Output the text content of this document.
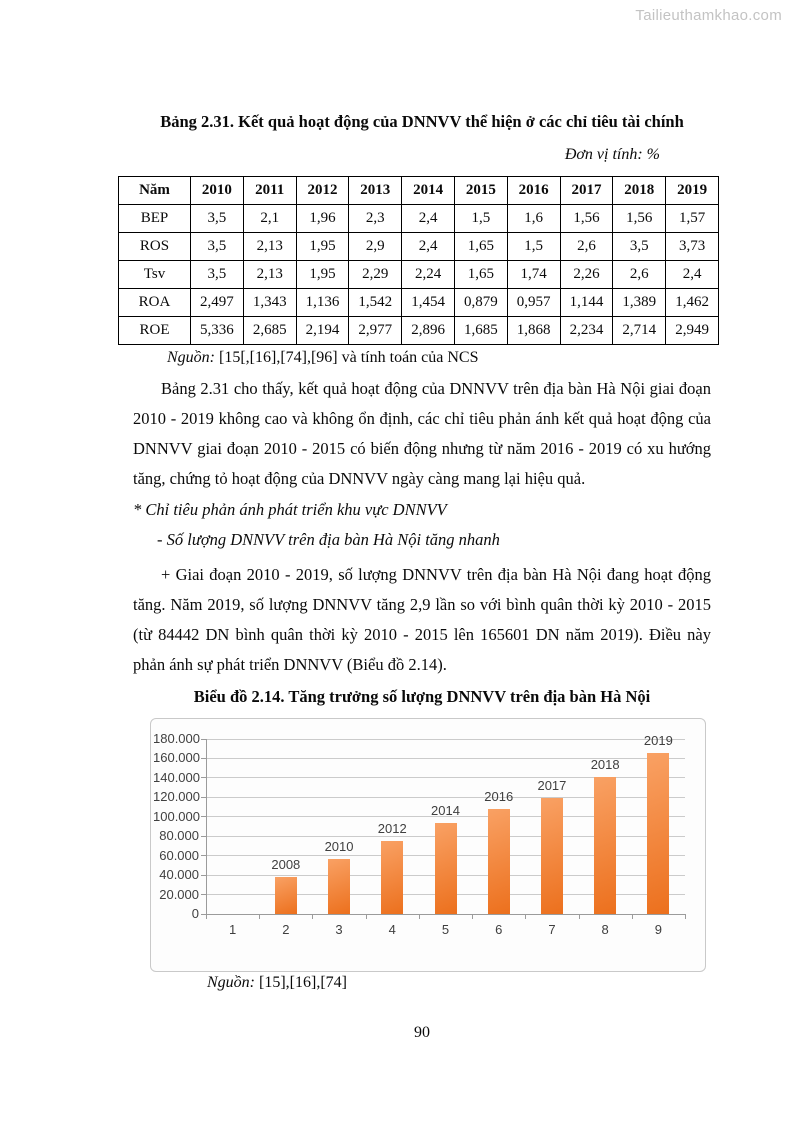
Tailieuthamkhao.com
Bảng 2.31. Kết quả hoạt động của DNNVV thể hiện ở các chỉ tiêu tài chính
Đơn vị tính: %
Năm	2010	2011	2012	2013	2014	2015	2016	2017	2018	2019
BEP	3,5	2,1	1,96	2,3	2,4	1,5	1,6	1,56	1,56	1,57
ROS	3,5	2,13	1,95	2,9	2,4	1,65	1,5	2,6	3,5	3,73
Tsv	3,5	2,13	1,95	2,29	2,24	1,65	1,74	2,26	2,6	2,4
ROA	2,497	1,343	1,136	1,542	1,454	0,879	0,957	1,144	1,389	1,462
ROE	5,336	2,685	2,194	2,977	2,896	1,685	1,868	2,234	2,714	2,949
Nguồn: [15[,[16],[74],[96] và tính toán của NCS
Bảng 2.31 cho thấy, kết quả hoạt động của DNNVV trên địa bàn Hà Nội giai đoạn 2010 - 2019 không cao và không ổn định, các chỉ tiêu phản ánh kết quả hoạt động của DNNVV giai đoạn 2010 - 2015 có biến động nhưng từ năm 2016 - 2019 có xu hướng tăng, chứng tỏ hoạt động của DNNVV ngày càng mang lại hiệu quả.
* Chỉ tiêu phản ánh phát triển khu vực DNNVV
- Số lượng DNNVV trên địa bàn Hà Nội tăng nhanh
+ Giai đoạn 2010 - 2019, số lượng DNNVV trên địa bàn Hà Nội đang hoạt động tăng. Năm 2019, số lượng DNNVV tăng 2,9 lần so với bình quân thời kỳ 2010 - 2015 (từ 84442 DN bình quân thời kỳ 2010 - 2015 lên 165601 DN năm 2019). Điều này phản ánh sự phát triển DNNVV (Biểu đồ 2.14).
Biểu đồ 2.14. Tăng trưởng số lượng DNNVV trên địa bàn Hà Nội
0
20.000
40.000
60.000
80.000
100.000
120.000
140.000
160.000
180.000
1	2	3	4	5	6	7	8	9
2008
2010
2012
2014
2016
2017
2018
2019
Nguồn: [15],[16],[74]
90
